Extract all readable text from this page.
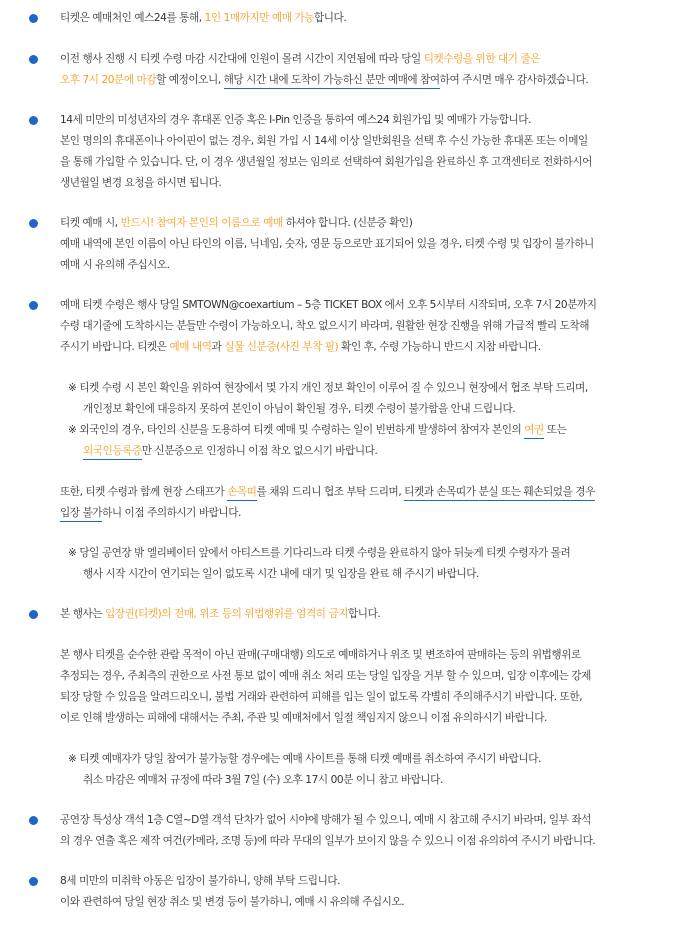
티켓은 예매처인 예스24를 통해, 1인 1매까지만 예매 가능합니다.
이전 행사 진행 시 티켓 수령 마감 시간대에 인원이 몰려 시간이 지연됨에 따라 당일 티켓수령을 위한 대기 줄은
오후 7시 20분에 마감할 예정이오니, 해당 시간 내에 도착이 가능하신 분만 예매에 참여하여 주시면 매우 감사하겠습니다.
14세 미만의 미성년자의 경우 휴대폰 인증 혹은 I-Pin 인증을 통하여 예스24 회원가입 및 예매가 가능합니다.
본인 명의의 휴대폰이나 아이핀이 없는 경우, 회원 가입 시 14세 이상 일반회원을 선택 후 수신 가능한 휴대폰 또는 이메일
을 통해 가입할 수 있습니다. 단, 이 경우 생년월일 정보는 임의로 선택하여 회원가입을 완료하신 후 고객센터로 전화하시어
생년월일 변경 요청을 하시면 됩니다.
티켓 예매 시, 반드시! 참여자 본인의 이름으로 예매 하셔야 합니다. (신분증 확인)
예매 내역에 본인 이름이 아닌 타인의 이름, 닉네임, 숫자, 영문 등으로만 표기되어 있을 경우, 티켓 수령 및 입장이 불가하니
예매 시 유의해 주십시오.
예매 티켓 수령은 행사 당일 SMTOWN@coexartium – 5층 TICKET BOX 에서 오후 5시부터 시작되며, 오후 7시 20분까지
수령 대기줄에 도착하시는 분들만 수령이 가능하오니, 착오 없으시기 바라며, 원활한 현장 진행을 위해 가급적 빨리 도착해
주시기 바랍니다. 티켓은 예매 내역과 실물 신분증(사진 부착 필) 확인 후, 수령 가능하니 반드시 지참 바랍니다.
※ 티켓 수령 시 본인 확인을 위하여 현장에서 몇 가지 개인 정보 확인이 이루어 질 수 있으니 현장에서 협조 부탁 드리며,
개인정보 확인에 대응하지 못하여 본인이 아님이 확인될 경우, 티켓 수령이 불가함을 안내 드립니다.
※ 외국인의 경우, 타인의 신분을 도용하여 티켓 예매 및 수령하는 일이 빈번하게 발생하여 참여자 본인의 여권 또는
외국인등록증만 신분증으로 인정하니 이점 착오 없으시기 바랍니다.
또한, 티켓 수령과 함께 현장 스태프가 손목띠를 채워 드리니 협조 부탁 드리며, 티켓과 손목띠가 분실 또는 훼손되었을 경우
입장 불가하니 이점 주의하시기 바랍니다.
※ 당일 공연장 밖 엘리베이터 앞에서 아티스트를 기다리느라 티켓 수령을 완료하지 않아 뒤늦게 티켓 수령자가 몰려
행사 시작 시간이 연기되는 일이 없도록 시간 내에 대기 및 입장을 완료 해 주시기 바랍니다.
본 행사는 입장권(티켓)의 전매, 위조 등의 위법행위를 엄격히 금지합니다.
본 행사 티켓을 순수한 관람 목적이 아닌 판매(구매대행) 의도로 예매하거나 위조 및 변조하여 판매하는 등의 위법행위로
추정되는 경우, 주최측의 권한으로 사전 통보 없이 예매 취소 처리 또는 당일 입장을 거부 할 수 있으며, 입장 이후에는 강제
퇴장 당할 수 있음을 알려드리오니, 불법 거래와 관련하여 피해를 입는 일이 없도록 각별히 주의해주시기 바랍니다. 또한,
이로 인해 발생하는 피해에 대해서는 주최, 주관 및 예매처에서 일절 책임지지 않으니 이점 유의하시기 바랍니다.
※ 티켓 예매자가 당일 참여가 불가능할 경우에는 예매 사이트를 통해 티켓 예매를 취소하여 주시기 바랍니다.
취소 마감은 예매처 규정에 따라 3월 7일 (수) 오후 17시 00분 이니 참고 바랍니다.
공연장 특성상 객석 1층 C열~D열 객석 단차가 없어 시야에 방해가 될 수 있으니, 예매 시 참고해 주시기 바라며, 일부 좌석
의 경우 연출 혹은 제작 여건(카메라, 조명 등)에 따라 무대의 일부가 보이지 않을 수 있으니 이점 유의하여 주시기 바랍니다.
8세 미만의 미취학 아동은 입장이 불가하니, 양해 부탁 드립니다.
이와 관련하여 당일 현장 취소 및 변경 등이 불가하니, 예매 시 유의해 주십시오.
